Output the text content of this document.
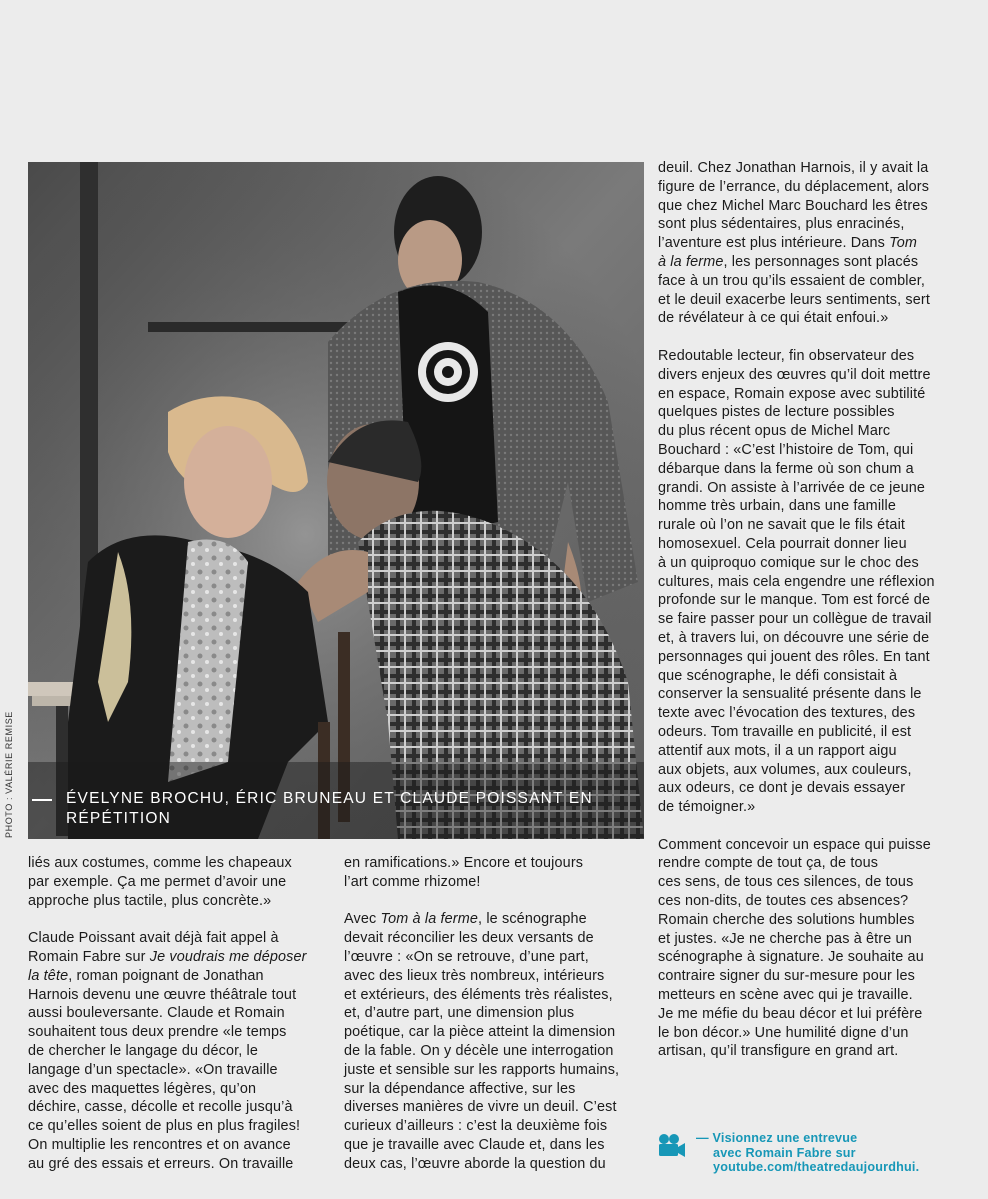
ÉVELYNE BROCHU, ÉRIC BRUNEAU ET CLAUDE POISSANT EN RÉPÉTITION
PHOTO : VALÉRIE REMISE

liés aux costumes, comme les chapeaux
par exemple. Ça me permet d’avoir une
approche plus tactile, plus concrète.»

Claude Poissant avait déjà fait appel à
Romain Fabre sur Je voudrais me déposer
la tête, roman poignant de Jonathan
Harnois devenu une œuvre théâtrale tout
aussi bouleversante. Claude et Romain
souhaitent tous deux prendre «le temps
de chercher le langage du décor, le
langage d’un spectacle». «On travaille
avec des maquettes légères, qu’on
déchire, casse, décolle et recolle jusqu’à
ce qu’elles soient de plus en plus fragiles!
On multiplie les rencontres et on avance
au gré des essais et erreurs. On travaille

en ramifications.» Encore et toujours
l’art comme rhizome!

Avec Tom à la ferme, le scénographe
devait réconcilier les deux versants de
l’œuvre : «On se retrouve, d’une part,
avec des lieux très nombreux, intérieurs
et extérieurs, des éléments très réalistes,
et, d’autre part, une dimension plus
poétique, car la pièce atteint la dimension
de la fable. On y décèle une interrogation
juste et sensible sur les rapports humains,
sur la dépendance affective, sur les
diverses manières de vivre un deuil. C’est
curieux d’ailleurs : c’est la deuxième fois
que je travaille avec Claude et, dans les
deux cas, l’œuvre aborde la question du

deuil. Chez Jonathan Harnois, il y avait la
figure de l’errance, du déplacement, alors
que chez Michel Marc Bouchard les êtres
sont plus sédentaires, plus enracinés,
l’aventure est plus intérieure. Dans Tom
à la ferme, les personnages sont placés
face à un trou qu’ils essaient de combler,
et le deuil exacerbe leurs sentiments, sert
de révélateur à ce qui était enfoui.»

Redoutable lecteur, fin observateur des
divers enjeux des œuvres qu’il doit mettre
en espace, Romain expose avec subtilité
quelques pistes de lecture possibles
du plus récent opus de Michel Marc
Bouchard : «C’est l’histoire de Tom, qui
débarque dans la ferme où son chum a
grandi. On assiste à l’arrivée de ce jeune
homme très urbain, dans une famille
rurale où l’on ne savait que le fils était
homosexuel. Cela pourrait donner lieu
à un quiproquo comique sur le choc des
cultures, mais cela engendre une réflexion
profonde sur le manque. Tom est forcé de
se faire passer pour un collègue de travail
et, à travers lui, on découvre une série de
personnages qui jouent des rôles. En tant
que scénographe, le défi consistait à
conserver la sensualité présente dans le
texte avec l’évocation des textures, des
odeurs. Tom travaille en publicité, il est
attentif aux mots, il a un rapport aigu
aux objets, aux volumes, aux couleurs,
aux odeurs, ce dont je devais essayer
de témoigner.»

Comment concevoir un espace qui puisse
rendre compte de tout ça, de tous
ces sens, de tous ces silences, de tous
ces non-dits, de toutes ces absences?
Romain cherche des solutions humbles
et justes. «Je ne cherche pas à être un
scénographe à signature. Je souhaite au
contraire signer du sur-mesure pour les
metteurs en scène avec qui je travaille.
Je me méfie du beau décor et lui préfère
le bon décor.» Une humilité digne d’un
artisan, qu’il transfigure en grand art.

— Visionnez une entrevue
avec Romain Fabre sur
youtube.com/theatredaujourdhui.
